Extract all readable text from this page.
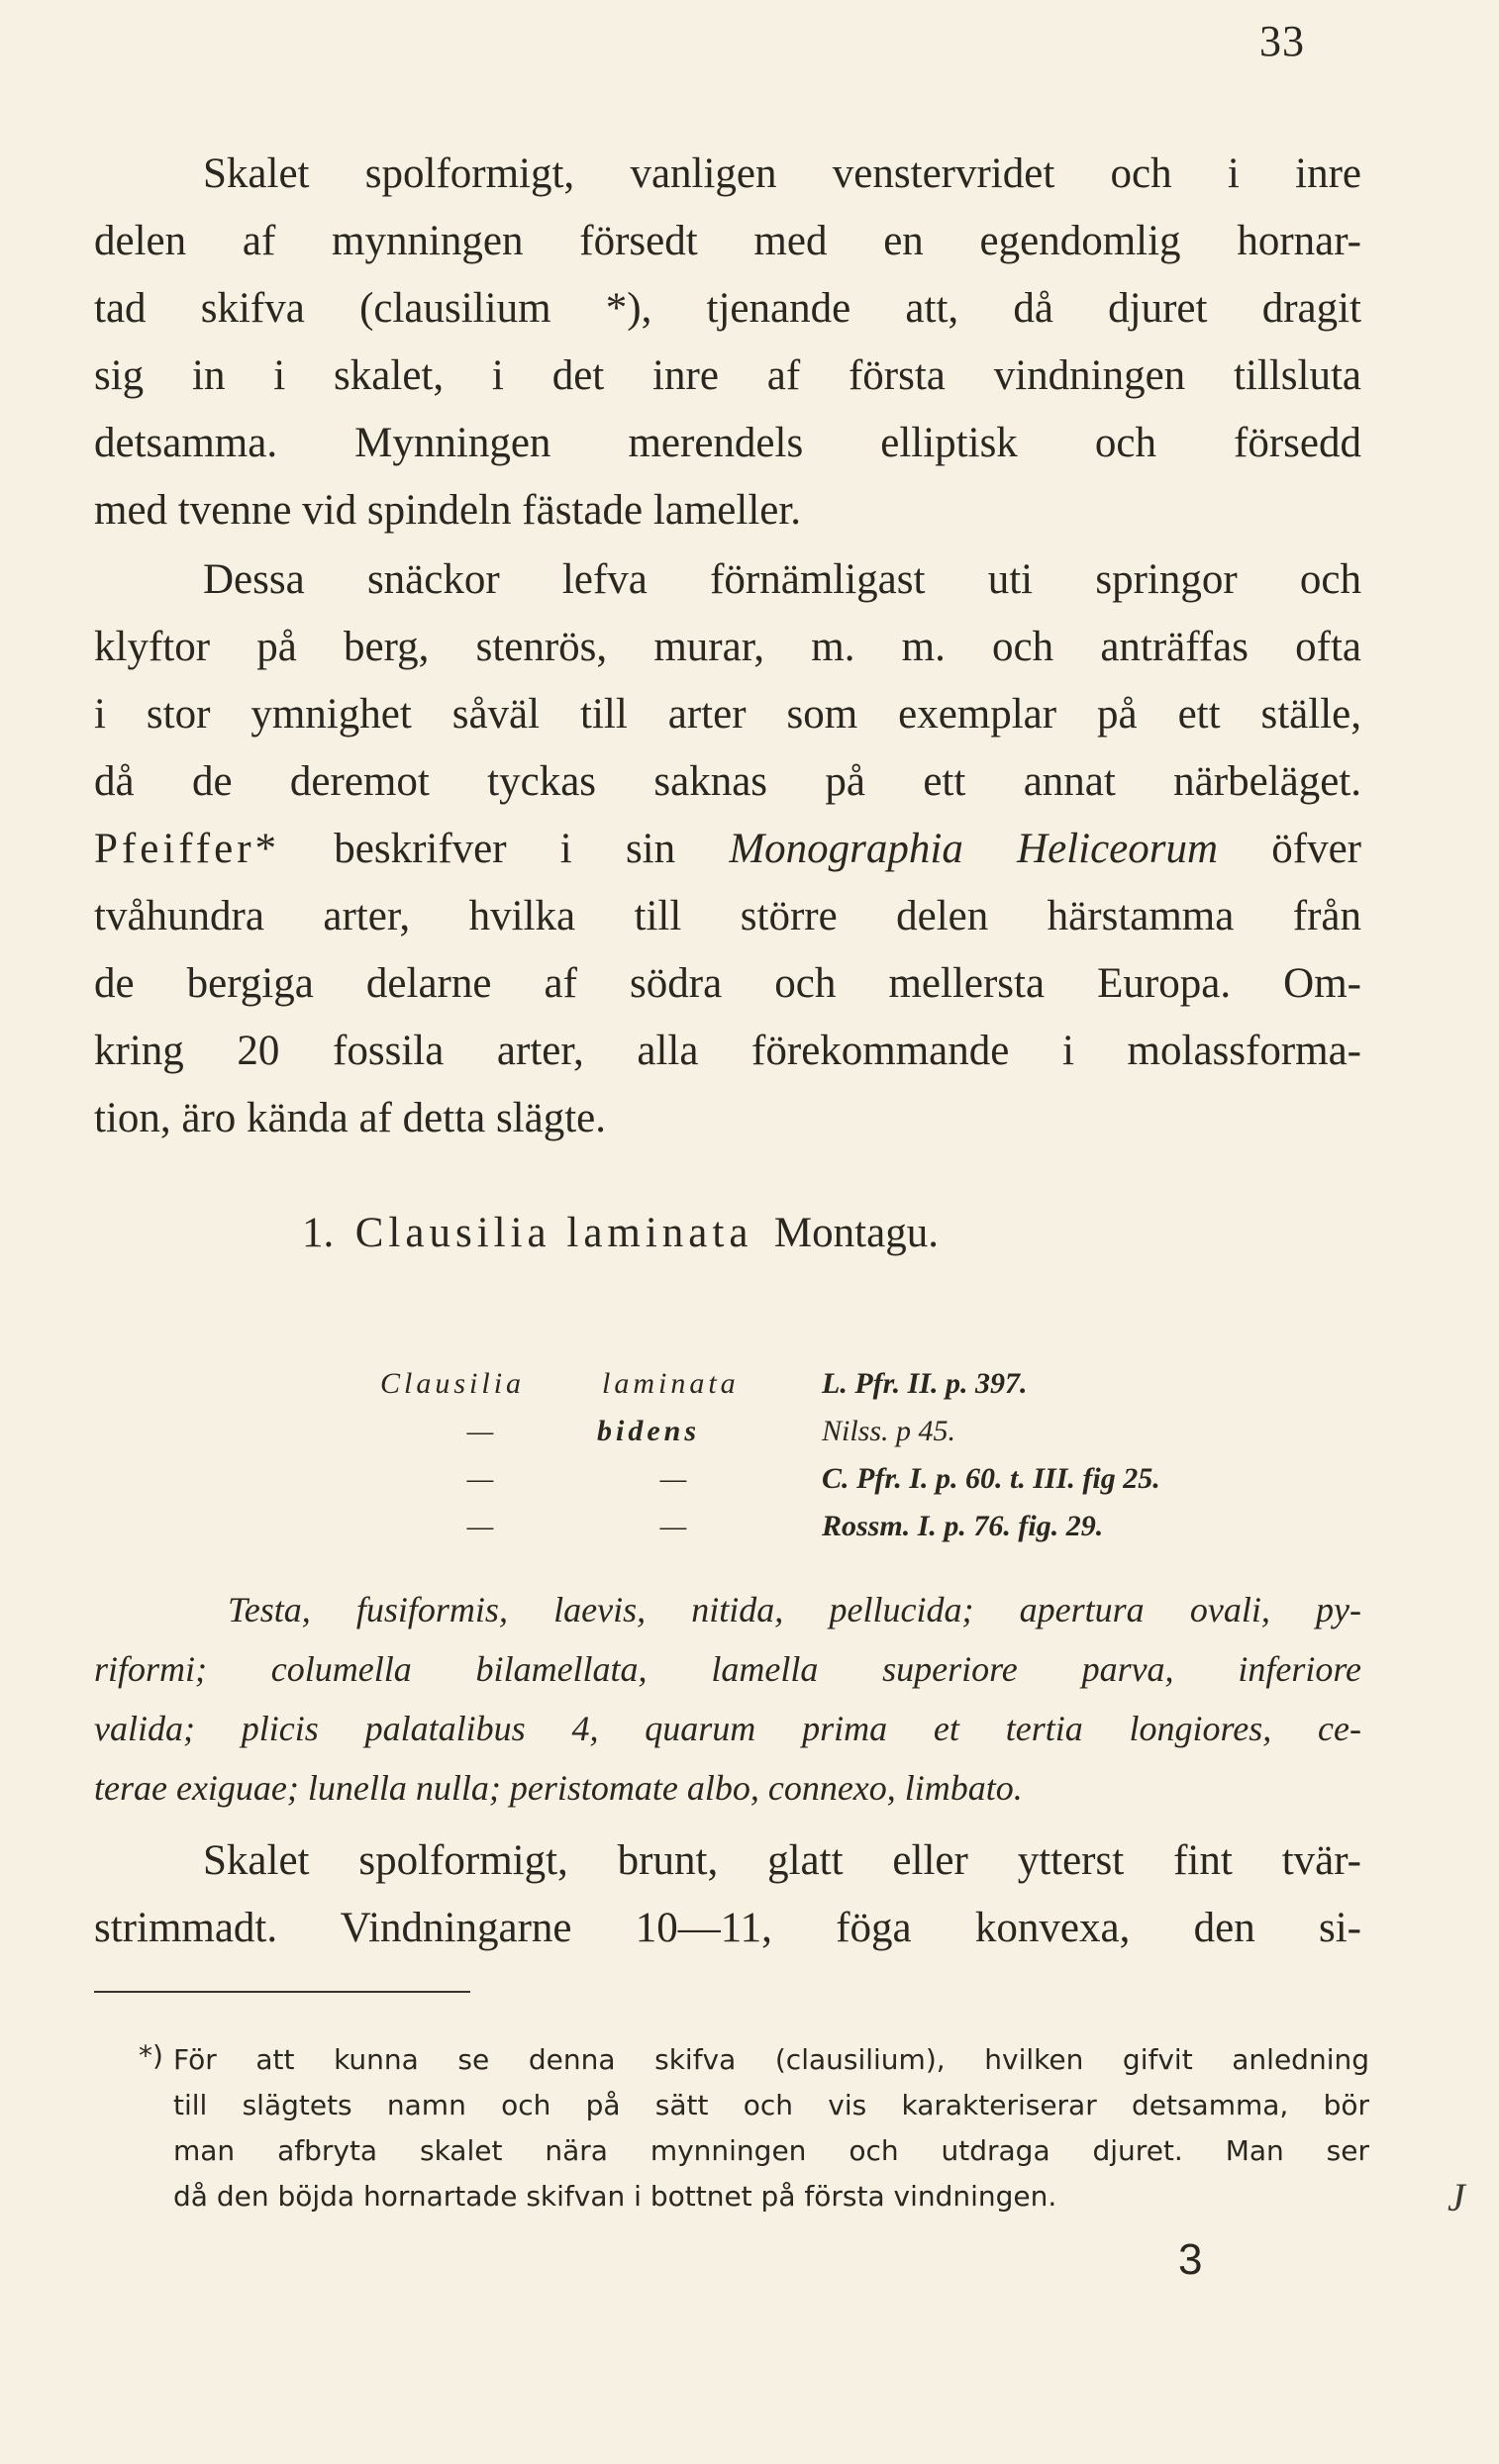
33
Skalet spolformigt, vanligen venstervridet och i inre
delen af mynningen försedt med en egendomlig hornar-
tad skifva (clausilium *), tjenande att, då djuret dragit
sig in i skalet, i det inre af första vindningen tillsluta
detsamma. Mynningen merendels elliptisk och försedd
med tvenne vid spindeln fästade lameller.
Dessa snäckor lefva förnämligast uti springor och
klyftor på berg, stenrös, murar, m. m. och anträffas ofta
i stor ymnighet såväl till arter som exemplar på ett ställe,
då de deremot tyckas saknas på ett annat närbeläget.
Pfeiffer* beskrifver i sin Monographia Heliceorum öfver
tvåhundra arter, hvilka till större delen härstamma från
de bergiga delarne af södra och mellersta Europa. Om-
kring 20 fossila arter, alla förekommande i molassforma-
tion, äro kända af detta slägte.
1. Clausilia laminata Montagu.
Clausilia	laminata	L. Pfr. II. p. 397.
—	bidens	Nilss. p 45.
—	—	C. Pfr. I. p. 60. t. III. fig 25.
—	—	Rossm. I. p. 76. fig. 29.
Testa, fusiformis, laevis, nitida, pellucida; apertura ovali, py-
riformi; columella bilamellata, lamella superiore parva, inferiore
valida; plicis palatalibus 4, quarum prima et tertia longiores, ce-
terae exiguae; lunella nulla; peristomate albo, connexo, limbato.
Skalet spolformigt, brunt, glatt eller ytterst fint tvär-
strimmadt. Vindningarne 10—11, föga konvexa, den si-
*) För att kunna se denna skifva (clausilium), hvilken gifvit anledning
till slägtets namn och på sätt och vis karakteriserar detsamma, bör
man afbryta skalet nära mynningen och utdraga djuret. Man ser
då den böjda hornartade skifvan i bottnet på första vindningen.
3
J
